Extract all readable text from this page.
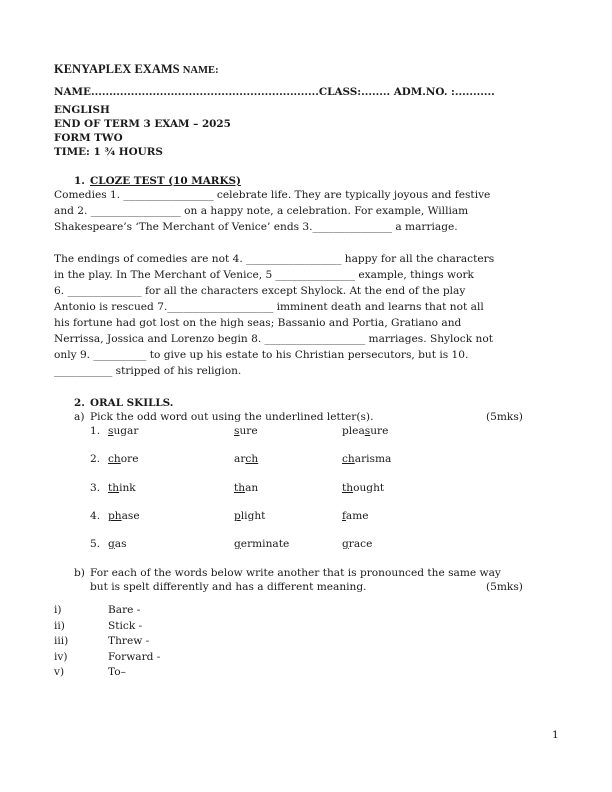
KENYAPLEX EXAMS NAME:
NAME...............................................................CLASS:........ ADM.NO. :...........
ENGLISH
END OF TERM 3 EXAM – 2025
FORM TWO
TIME: 1 ¾ HOURS
1. CLOZE TEST (10 MARKS)
Comedies 1. _________________ celebrate life. They are typically joyous and festive
and 2. _________________ on a happy note, a celebration. For example, William
Shakespeare’s ‘The Merchant of Venice’ ends 3._______________ a marriage.
The endings of comedies are not 4. __________________ happy for all the characters
in the play. In The Merchant of Venice, 5 _______________ example, things work
6. ______________ for all the characters except Shylock. At the end of the play
Antonio is rescued 7.____________________ imminent death and learns that not all
his fortune had got lost on the high seas; Bassanio and Portia, Gratiano and
Nerrissa, Jossica and Lorenzo begin 8. ___________________ marriages. Shylock not
only 9. __________ to give up his estate to his Christian persecutors, but is 10.
___________ stripped of his religion.
2. ORAL SKILLS.
a) Pick the odd word out using the underlined letter(s).	(5mks)
1. sugar	sure	pleasure
2. chore	arch	charisma
3. think	than	thought
4. phase	plight	fame
5. gas	germinate	grace
b) For each of the words below write another that is pronounced the same way
but is spelt differently and has a different meaning.	(5mks)
i)	Bare -
ii)	Stick -
iii)	Threw -
iv)	Forward -
v)	To–
1
